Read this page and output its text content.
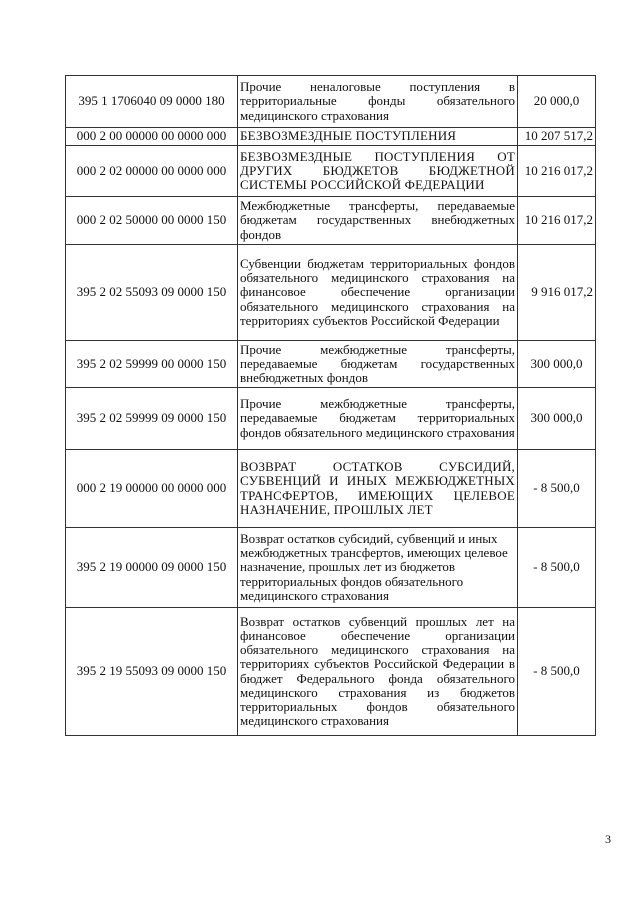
395 1 1706040 09 0000 180	Прочие неналоговые поступления в территориальные фонды обязательного медицинского страхования	20 000,0
000 2 00 00000 00 0000 000	БЕЗВОЗМЕЗДНЫЕ ПОСТУПЛЕНИЯ	10 207 517,2
000 2 02 00000 00 0000 000	БЕЗВОЗМЕЗДНЫЕ ПОСТУПЛЕНИЯ ОТ ДРУГИХ БЮДЖЕТОВ БЮДЖЕТНОЙ СИСТЕМЫ РОССИЙСКОЙ ФЕДЕРАЦИИ	10 216 017,2
000 2 02 50000 00 0000 150	Межбюджетные трансферты, передаваемые бюджетам государственных внебюджетных фондов	10 216 017,2
395 2 02 55093 09 0000 150	Субвенции бюджетам территориальных фондов обязательного медицинского страхования на финансовое обеспечение организации обязательного медицинского страхования на территориях субъектов Российской Федерации	9 916 017,2
395 2 02 59999 00 0000 150	Прочие межбюджетные трансферты, передаваемые бюджетам государственных внебюджетных фондов	300 000,0
395 2 02 59999 09 0000 150	Прочие межбюджетные трансферты, передаваемые бюджетам территориальных фондов обязательного медицинского страхования	300 000,0
000 2 19 00000 00 0000 000	ВОЗВРАТ ОСТАТКОВ СУБСИДИЙ, СУБВЕНЦИЙ И ИНЫХ МЕЖБЮДЖЕТНЫХ ТРАНСФЕРТОВ, ИМЕЮЩИХ ЦЕЛЕВОЕ НАЗНАЧЕНИЕ, ПРОШЛЫХ ЛЕТ	- 8 500,0
395 2 19 00000 09 0000 150	Возврат остатков субсидий, субвенций и иных межбюджетных трансфертов, имеющих целевое назначение, прошлых лет из бюджетов территориальных фондов обязательного медицинского страхования	- 8 500,0
395 2 19 55093 09 0000 150	Возврат остатков субвенций прошлых лет на финансовое обеспечение организации обязательного медицинского страхования на территориях субъектов Российской Федерации в бюджет Федерального фонда обязательного медицинского страхования из бюджетов территориальных фондов обязательного медицинского страхования	- 8 500,0
3
